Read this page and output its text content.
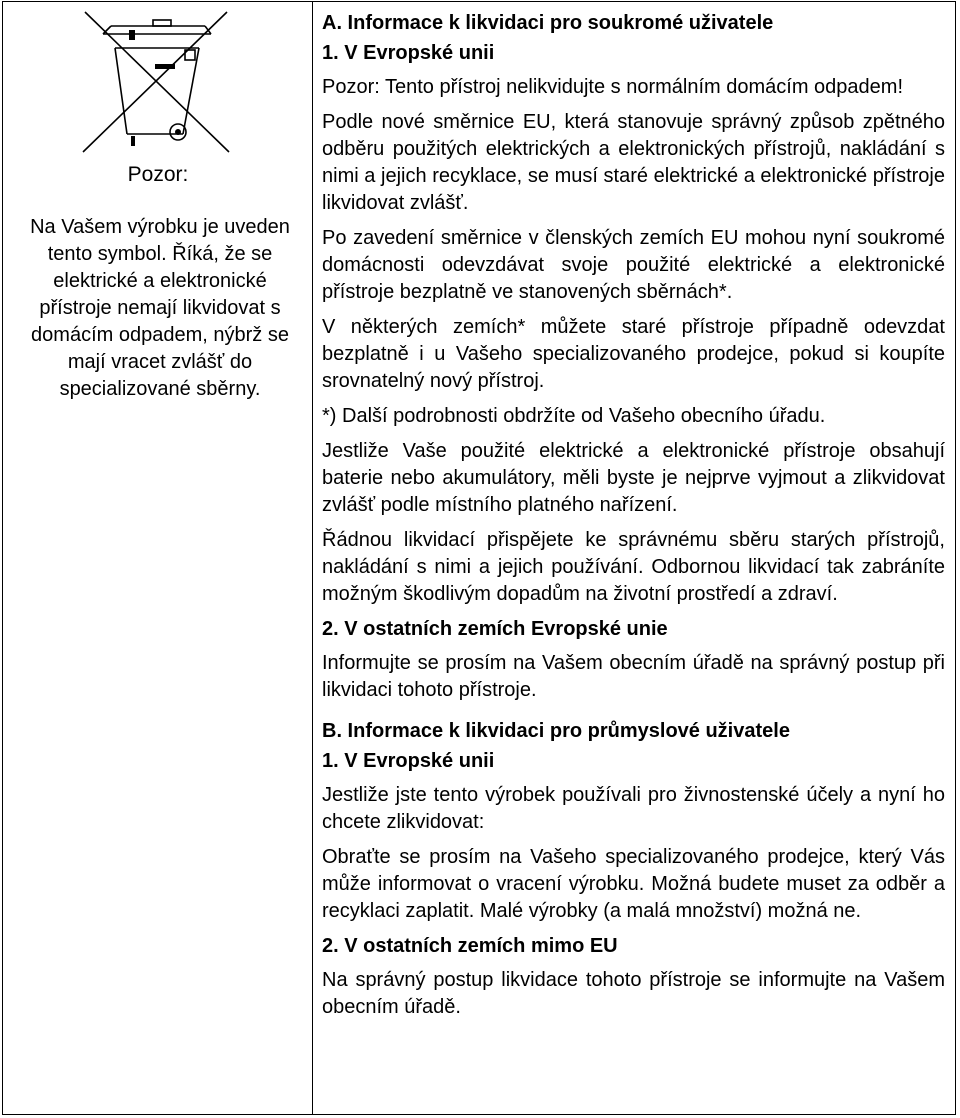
Pozor:
Na Vašem výrobku je uveden tento symbol. Říká, že se elektrické a elektronické přístroje nemají likvidovat s domácím odpadem, nýbrž se mají vracet zvlášť do specializované sběrny.
A. Informace k likvidaci pro soukromé uživatele
1. V Evropské unii

Pozor: Tento přístroj nelikvidujte s normálním domácím odpadem!

Podle nové směrnice EU, která stanovuje správný způsob zpětného odběru použitých elektrických a elektronických přístrojů, nakládání s nimi a jejich recyklace, se musí staré elektrické a elektronické přístroje likvidovat zvlášť.

Po zavedení směrnice v členských zemích EU mohou nyní soukromé domácnosti odevzdávat svoje použité elektrické a elektronické přístroje bezplatně ve stanovených sběrnách*.

V některých zemích* můžete staré přístroje případně odevzdat bezplatně i u Vašeho specializovaného prodejce, pokud si koupíte srovnatelný nový přístroj.

*) Další podrobnosti obdržíte od Vašeho obecního úřadu.

Jestliže Vaše použité elektrické a elektronické přístroje obsahují baterie nebo akumulátory, měli byste je nejprve vyjmout a zlikvidovat zvlášť podle místního platného nařízení.

Řádnou likvidací přispějete ke správnému sběru starých přístrojů, nakládání s nimi a jejich používání. Odbornou likvidací tak zabráníte možným škodlivým dopadům na životní prostředí a zdraví.

2. V ostatních zemích Evropské unie

Informujte se prosím na Vašem obecním úřadě na správný postup při likvidaci tohoto přístroje.

B. Informace k likvidaci pro průmyslové uživatele
1. V Evropské unii

Jestliže jste tento výrobek používali pro živnostenské účely a nyní ho chcete zlikvidovat:

Obraťte se prosím na Vašeho specializovaného prodejce, který Vás může informovat o vracení výrobku. Možná budete muset za odběr a recyklaci zaplatit. Malé výrobky (a malá množství) možná ne.

2. V ostatních zemích mimo EU

Na správný postup likvidace tohoto přístroje se informujte na Vašem obecním úřadě.
